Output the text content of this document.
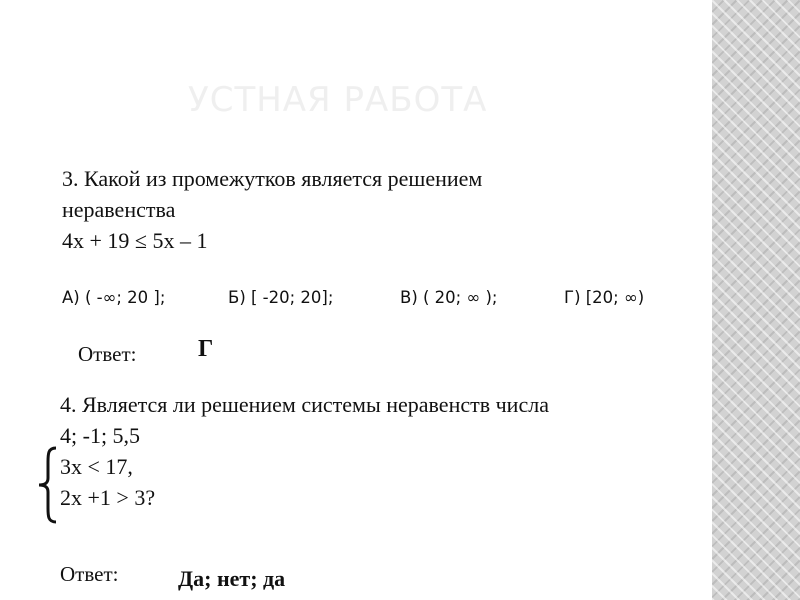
УСТНАЯ РАБОТА
3. Какой из промежутков является решением
неравенства
4х + 19 ≤ 5х – 1
А) ( -∞; 20 ];	Б) [ -20; 20];	В) ( 20; ∞ );	Г) [20; ∞)
Ответ:	Г
4. Является ли решением системы неравенств числа
4; -1; 5,5
3х < 17,
2х +1 > 3?
Ответ:	Да; нет; да
